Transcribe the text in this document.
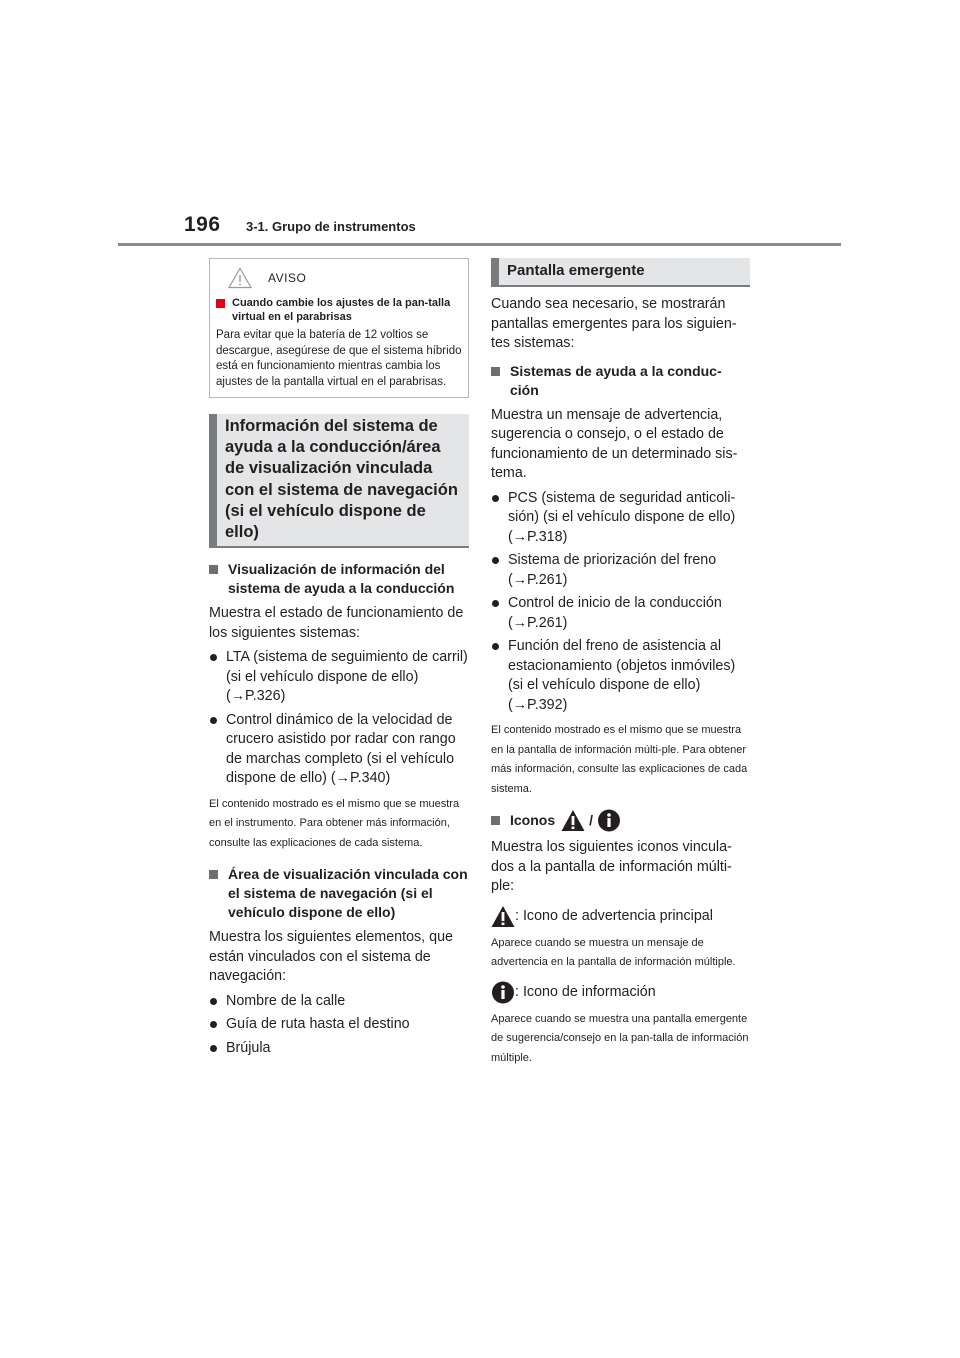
196 3-1. Grupo de instrumentos
AVISO
Cuando cambie los ajustes de la pan-talla virtual en el parabrisas
Para evitar que la batería de 12 voltios se descargue, asegúrese de que el sistema híbrido está en funcionamiento mientras cambia los ajustes de la pantalla virtual en el parabrisas.
Información del sistema de ayuda a la conducción/área de visualización vinculada con el sistema de navegación (si el vehículo dispone de ello)
Visualización de información del sistema de ayuda a la conducción
Muestra el estado de funcionamiento de los siguientes sistemas:
LTA (sistema de seguimiento de carril) (si el vehículo dispone de ello) (→P.326)
Control dinámico de la velocidad de crucero asistido por radar con rango de marchas completo (si el vehículo dispone de ello) (→P.340)
El contenido mostrado es el mismo que se muestra en el instrumento. Para obtener más información, consulte las explicaciones de cada sistema.
Área de visualización vinculada con el sistema de navegación (si el vehículo dispone de ello)
Muestra los siguientes elementos, que están vinculados con el sistema de navegación:
Nombre de la calle
Guía de ruta hasta el destino
Brújula
Pantalla emergente
Cuando sea necesario, se mostrarán pantallas emergentes para los siguien-tes sistemas:
Sistemas de ayuda a la conduc-ción
Muestra un mensaje de advertencia, sugerencia o consejo, o el estado de funcionamiento de un determinado sis-tema.
PCS (sistema de seguridad anticoli-sión) (si el vehículo dispone de ello) (→P.318)
Sistema de priorización del freno (→P.261)
Control de inicio de la conducción (→P.261)
Función del freno de asistencia al estacionamiento (objetos inmóviles) (si el vehículo dispone de ello) (→P.392)
El contenido mostrado es el mismo que se muestra en la pantalla de información múlti-ple. Para obtener más información, consulte las explicaciones de cada sistema.
Iconos /
Muestra los siguientes iconos vincula-dos a la pantalla de información múlti-ple:
: Icono de advertencia principal
Aparece cuando se muestra un mensaje de advertencia en la pantalla de información múltiple.
: Icono de información
Aparece cuando se muestra una pantalla emergente de sugerencia/consejo en la pan-talla de información múltiple.
